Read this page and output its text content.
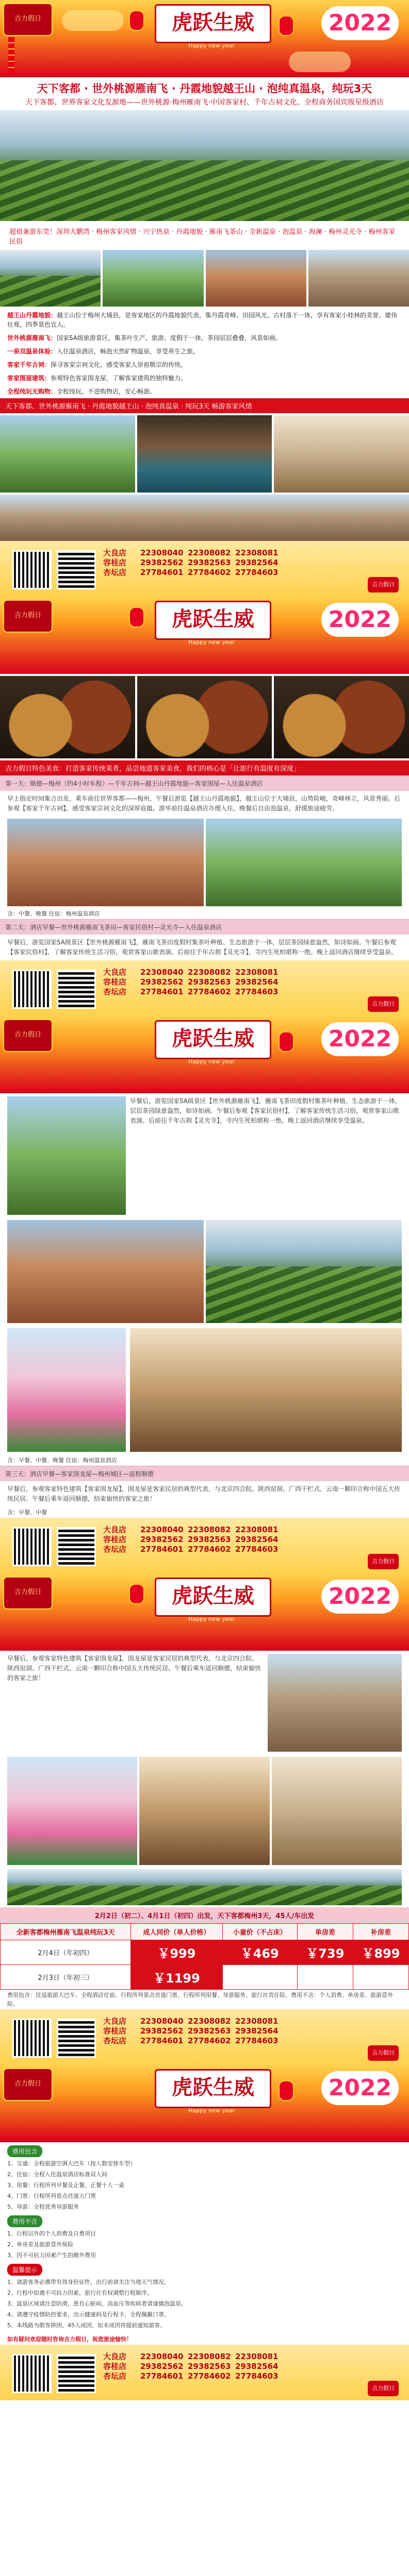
吉力假日	虎跃生威
Happy new year
2022
天下客都 · 世外桃源雁南飞 · 丹霞地貌越王山 · 泡纯真温泉，纯玩3天
天下客都、世界客家文化发源地——世外桃源·梅州雁南飞·中国客家村、千年古祠文化、全程商务国宾级星级酒店
超值兼游东莞！深圳大鹏湾 · 梅州客家风情 · 兴宁热泉 · 丹霞地貌 · 雁南飞茶山 · 全新温泉 · 泡温泉 · 海澜 · 梅州灵光寺 · 梅州客家民俗
越王山丹霞地貌：越王山位于梅州大埔县，是客家地区的丹霞地貌代表，集丹霞奇峰、田园风光、古村落于一体，享有客家小桂林的美誉，雄伟壮观，四季景色宜人。
世外桃源雁南飞：国家5A级旅游景区，集茶叶生产、旅游、度假于一体，茶园层层叠叠，风景如画。
一泉双温泉体验：入住温泉酒店，畅泡天然矿物温泉，享受养生之旅。
客家千年古祠：探寻客家宗祠文化，感受客家人崇祖敬宗的传统。
客家围屋建筑：参观特色客家围龙屋，了解客家建筑的独特魅力。
全程纯玩无购物：全程纯玩，不进购物店，安心畅游。
天下客都、世外桃源雁南飞 · 丹霞地貌越王山 · 泡纯真温泉 · 纯玩3天 畅游客家风情
大良店 22308040 22308082 22308081
容桂店 29382562 29382563 29382564
杏坛店 27784601 27784602 27784603
吉力假日
吉力假日	虎跃生威
Happy new year
2022
吉力假日特色美食：打造客家传统菜肴，品尝地道客家美食，我们的核心是「让旅行有温度有深度」
第一天：顺德—梅州（约4小时车程）—千年古祠—越王山丹霞地貌—客家围屋—入住温泉酒店
早上指定时间集合出发，乘车前往世界客都——梅州，午餐后游览【越王山丹霞地貌】，越王山位于大埔县，山势险峻，奇峰林立，风景秀丽。后参观【客家千年古祠】，感受客家宗祠文化的深厚底蕴。游毕前往温泉酒店办理入住，晚餐后自由泡温泉，舒缓旅途疲劳。
含：中餐、晚餐 住宿：梅州温泉酒店
第二天：酒店早餐—世外桃源雁南飞茶田—客家民俗村—灵光寺—入住温泉酒店
早餐后，游览国家5A级景区【世外桃源雁南飞】，雁南飞茶田度假村集茶叶种植、生态旅游于一体，层层茶园绿意盎然，如诗如画。午餐后参观【客家民俗村】，了解客家传统生活习俗，观赏客家山歌表演。后前往千年古刹【灵光寺】，寺内生死柏堪称一绝。晚上返回酒店继续享受温泉。
大良店 22308040 22308082 22308081
容桂店 29382562 29382563 29382564
杏坛店 27784601 27784602 27784603
吉力假日
吉力假日	虎跃生威
Happy new year
2022
早餐后，游览国家5A级景区【世外桃源雁南飞】，雁南飞茶田度假村集茶叶种植、生态旅游于一体，层层茶园绿意盎然，如诗如画。午餐后参观【客家民俗村】，了解客家传统生活习俗，观赏客家山歌表演。后前往千年古刹【灵光寺】，寺内生死柏堪称一绝。晚上返回酒店继续享受温泉。
含：早餐、中餐、晚餐 住宿：梅州温泉酒店
第三天：酒店早餐—客家围龙屋—梅州城区—返程顺德
早餐后，参观客家特色建筑【客家围龙屋】，围龙屋是客家民居的典型代表，与北京四合院、陕西窑洞、广西干栏式、云南一颗印合称中国五大传统民居。午餐后乘车返回顺德，结束愉快的客家之旅！
含：早餐、中餐
大良店 22308040 22308082 22308081
容桂店 29382562 29382563 29382564
杏坛店 27784601 27784602 27784603
吉力假日
吉力假日	虎跃生威
Happy new year
2022
早餐后，参观客家特色建筑【客家围龙屋】，围龙屋是客家民居的典型代表，与北京四合院、陕西窑洞、广西干栏式、云南一颗印合称中国五大传统民居。午餐后乘车返回顺德，结束愉快的客家之旅！
2月2日（初二）、4月1日（初四）出发，天下客都梅州3天，45人/车出发
全新客都梅州雁南飞温泉纯玩3天	成人同价（单人价格）	小童价（不占床）	单房差	补房差
2月4日（年初四）	￥999	￥469	￥739	￥899
2月3日（年初三）	￥1199			
费用包含：往返旅游大巴车、全程酒店住宿、行程所列景点首道门票、行程所列用餐、导游服务、旅行社责任险。费用不含：个人消费、单房差、旅游意外险。
大良店 22308040 22308082 22308081
容桂店 29382562 29382563 29382564
杏坛店 27784601 27784602 27784603
吉力假日
吉力假日	虎跃生威
Happy new year
2022
费用包含
1、交通：全程旅游空调大巴车（按人数安排车型）
2、住宿：全程入住温泉酒店标准双人间
3、用餐：行程所列早餐及正餐，正餐十人一桌
4、门票：行程所列景点首道大门票
5、导游：全程优秀导游服务
费用不含
1、行程以外的个人消费及自费项目
2、单房差及旅游意外保险
3、因不可抗力因素产生的额外费用
温馨提示
1、请游客务必携带有效身份证件，出行前请关注当地天气情况。
2、行程中如遇不可抗力因素，旅行社有权调整行程顺序。
3、温泉区域请注意防滑，患有心脏病、高血压等疾病者请谨慎泡温泉。
4、请遵守疫情防控要求，出示健康码及行程卡，全程佩戴口罩。
5、本线路为散客拼团，45人成团，如未成团将提前通知游客。
如有疑问欢迎随时咨询吉力假日，祝您旅途愉快！
大良店 22308040 22308082 22308081
容桂店 29382562 29382563 29382564
杏坛店 27784601 27784602 27784603
吉力假日
